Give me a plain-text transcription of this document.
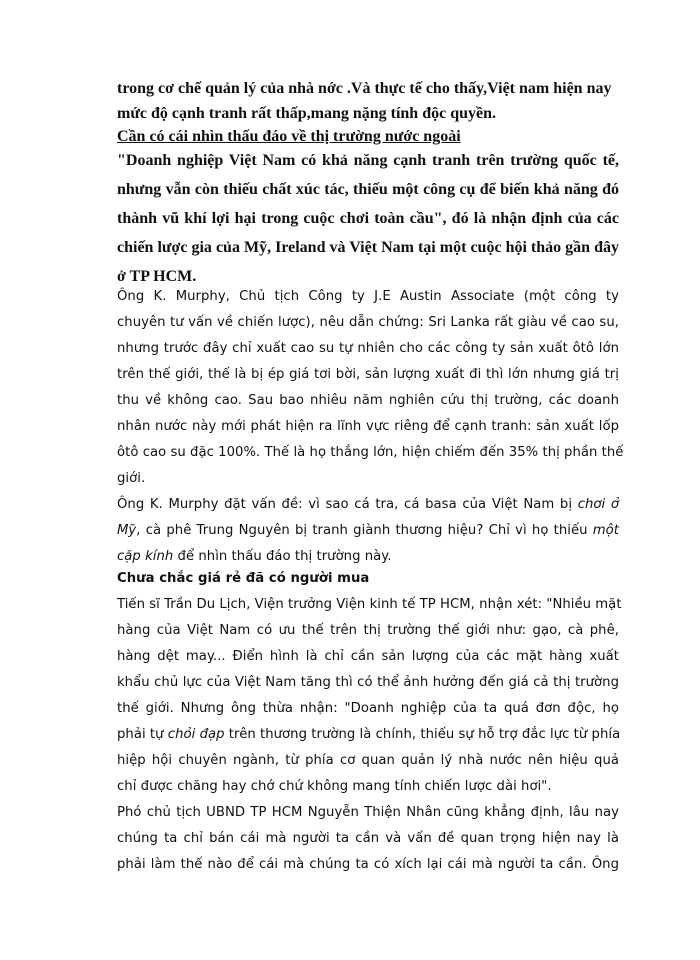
trong cơ chế quản lý của nhà nớc .Và thực tế cho thấy,Việt nam hiện nay
mức độ cạnh tranh rất thấp,mang nặng tính độc quyền.
Cần có cái nhìn thấu đáo về thị trường nước ngoài
"Doanh nghiệp Việt Nam có khả năng cạnh tranh trên trường quốc tế,
nhưng vẫn còn thiếu chất xúc tác, thiếu một công cụ để biến khả năng đó
thành vũ khí lợi hại trong cuộc chơi toàn cầu", đó là nhận định của các
chiến lược gia của Mỹ, Ireland và Việt Nam tại một cuộc hội thảo gần đây
ở TP HCM.
Ông K. Murphy, Chủ tịch Công ty J.E Austin Associate (một công ty
chuyên tư vấn về chiến lược), nêu dẫn chứng: Sri Lanka rất giàu về cao su,
nhưng trước đây chỉ xuất cao su tự nhiên cho các công ty sản xuất ôtô lớn
trên thế giới, thế là bị ép giá tơi bời, sản lượng xuất đi thì lớn nhưng giá trị
thu về không cao. Sau bao nhiêu năm nghiên cứu thị trường, các doanh
nhân nước này mới phát hiện ra lĩnh vực riêng để cạnh tranh: sản xuất lốp
ôtô cao su đặc 100%. Thế là họ thắng lớn, hiện chiếm đến 35% thị phần thế
giới.
Ông K. Murphy đặt vấn đề: vì sao cá tra, cá basa của Việt Nam bị chơi ở
Mỹ, cà phê Trung Nguyên bị tranh giành thương hiệu? Chỉ vì họ thiếu một
cặp kính để nhìn thấu đáo thị trường này.
Chưa chắc giá rẻ đã có người mua
Tiến sĩ Trần Du Lịch, Viện trưởng Viện kinh tế TP HCM, nhận xét: "Nhiều mặt
hàng của Việt Nam có ưu thế trên thị trường thế giới như: gạo, cà phê,
hàng dệt may... Điển hình là chỉ cần sản lượng của các mặt hàng xuất
khẩu chủ lực của Việt Nam tăng thì có thể ảnh hưởng đến giá cả thị trường
thế giới. Nhưng ông thừa nhận: "Doanh nghiệp của ta quá đơn độc, họ
phải tự chỏi đạp trên thương trường là chính, thiếu sự hỗ trợ đắc lực từ phía
hiệp hội chuyên ngành, từ phía cơ quan quản lý nhà nước nên hiệu quả
chỉ được chăng hay chớ chứ không mang tính chiến lược dài hơi".
Phó chủ tịch UBND TP HCM Nguyễn Thiện Nhân cũng khẳng định, lâu nay
chúng ta chỉ bán cái mà người ta cần và vấn đề quan trọng hiện nay là
phải làm thế nào để cái mà chúng ta có xích lại cái mà người ta cần. Ông
